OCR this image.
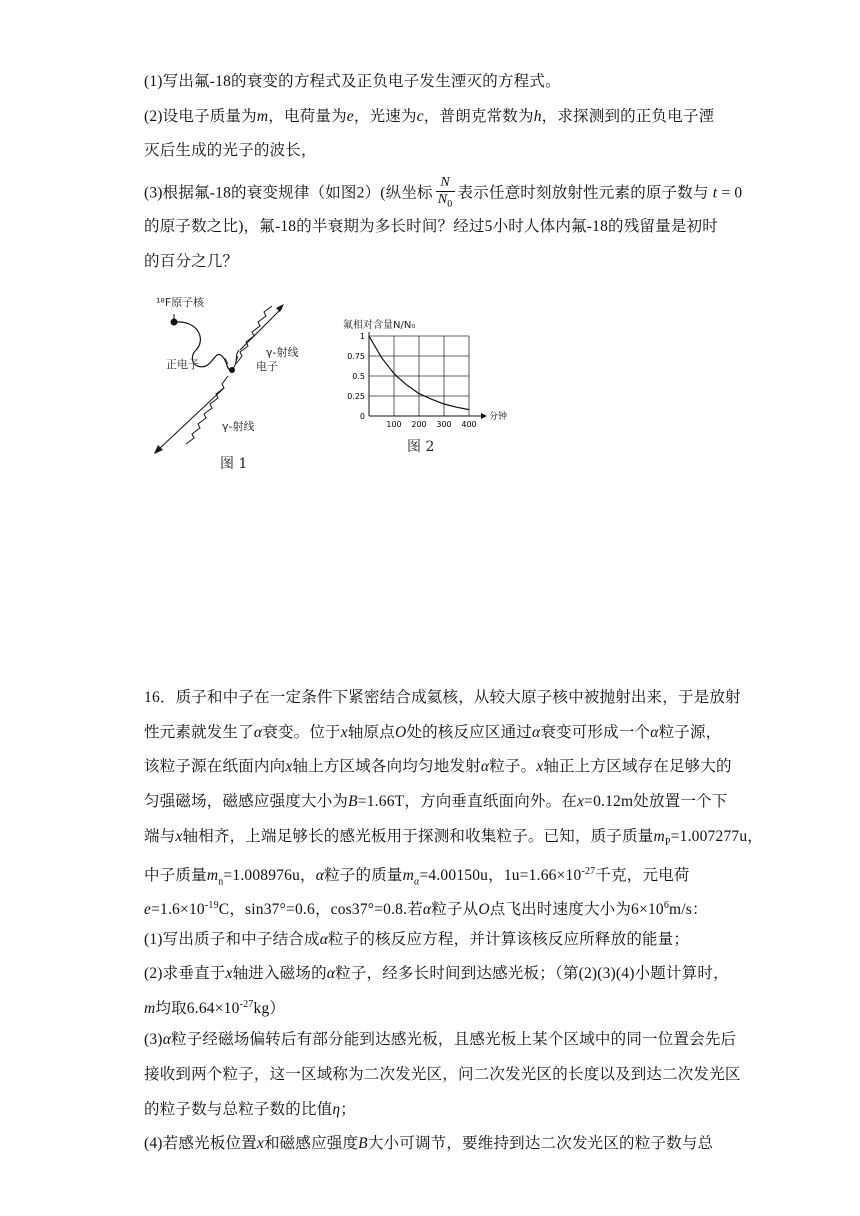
(1)写出氟-18的衰变的方程式及正负电子发生湮灭的方程式。
(2)设电子质量为m，电荷量为e，光速为c，普朗克常数为h，求探测到的正负电子湮
灭后生成的光子的波长，
(3)根据氟-18的衰变规律（如图2）(纵坐标 $\frac{N}{N_0}$ 表示任意时刻放射性元素的原子数与 t = 0
的原子数之比)，氟-18的半衰期为多长时间？经过5小时人体内氟-18的残留量是初时
的百分之几？
¹⁸F原子核
正电子	电子
γ-射线
γ-射线
图 1
氟相对含量N/N₀
1
0.75
0.5
0.25
0
100 200 300 400
分钟
图 2
16．质子和中子在一定条件下紧密结合成氦核，从较大原子核中被抛射出来，于是放射
性元素就发生了α衰变。位于x轴原点O处的核反应区通过α衰变可形成一个α粒子源，
该粒子源在纸面内向x轴上方区域各向均匀地发射α粒子。x轴正上方区域存在足够大的
匀强磁场，磁感应强度大小为B=1.66T，方向垂直纸面向外。在x=0.12m处放置一个下
端与x轴相齐，上端足够长的感光板用于探测和收集粒子。已知，质子质量$m_P=1.007277u$，
中子质量$m_n=1.008976u$，α粒子的质量$m_\alpha=4.00150u$，$1u=1.66\times 10^{-27}$千克，元电荷
$e=1.6\times 10^{-19}C$，sin37°=0.6，cos37°=0.8.若α粒子从O点飞出时速度大小为$6\times 10^6m/s$：
(1)写出质子和中子结合成α粒子的核反应方程，并计算该核反应所释放的能量；
(2)求垂直于x轴进入磁场的α粒子，经多长时间到达感光板；（第(2)(3)(4)小题计算时，
m均取$6.64\times 10^{-27}kg$）
(3)α粒子经磁场偏转后有部分能到达感光板，且感光板上某个区域中的同一位置会先后
接收到两个粒子，这一区域称为二次发光区，问二次发光区的长度以及到达二次发光区
的粒子数与总粒子数的比值η；
(4)若感光板位置x和磁感应强度B大小可调节，要维持到达二次发光区的粒子数与总
